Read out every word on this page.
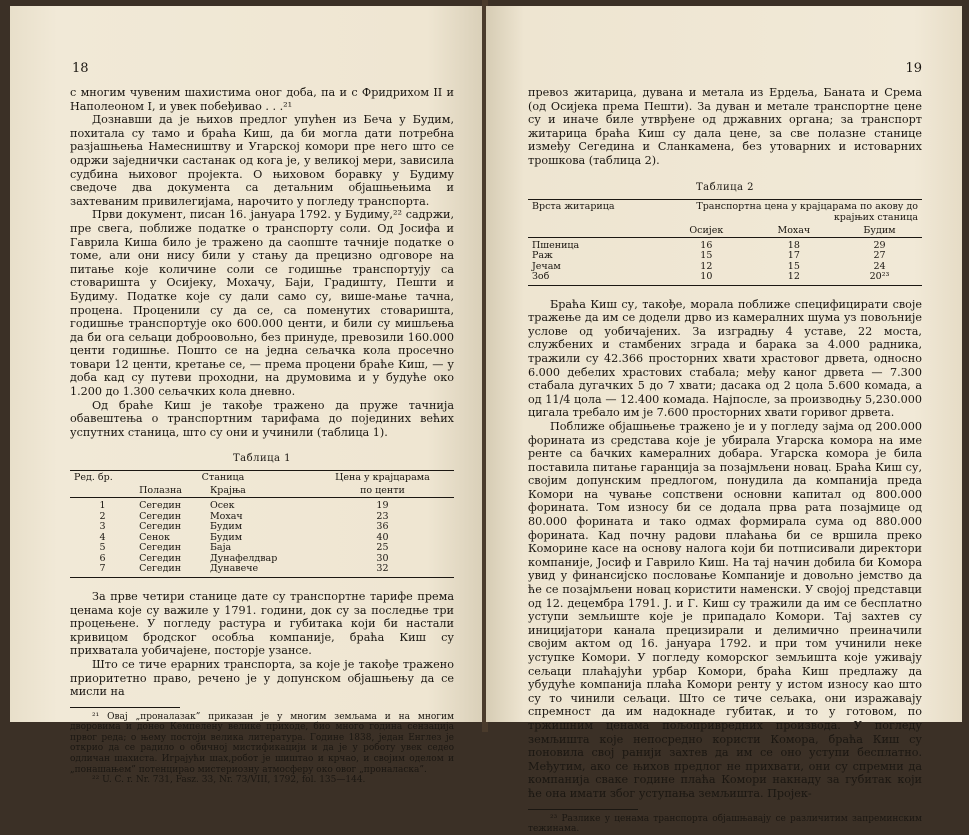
18

с многим чувеним шахистима оног доба, па и с Фридрихом II и Наполеоном I, и увек побеђивао . . .²¹

Дознавши да је њихов предлог упућен из Беча у Будим, похитала су тамо и браћа Киш, да би могла дати потребна разјашњења Намесништву и Угарској комори пре него што се одржи заједнички састанак од кога је, у великој мери, зависила судбина њиховог пројекта. О њиховом боравку у Будиму сведоче два документа са детаљним објашњењима и захтеваним привилегијама, нарочито у погледу транспорта.

Први документ, писан 16. јануара 1792. у Будиму,²² садржи, пре свега, поближе податке о транспорту соли. Од Јосифа и Гаврила Киша било је тражено да саопште тачније податке о томе, али они нису били у стању да прецизно одговоре на питање које количине соли се годишње транспортују са стоваришта у Осијеку, Мохачу, Бaји, Градишту, Пешти и Будиму. Податке које су дали само су, више-мање тачна, процена. Проценили су да се, са поменутих стоваришта, годишње транспортује око 600.000 центи, и били су мишљења да би ога сељаци доброовољно, без принуде, превозили 160.000 центи годишње. Пошто се на једна сељачка кола просечно товари 12 центи, кретање се, — према процени браће Киш, — у доба кад су путеви проходни, на друмовима и у будуће око 1.200 до 1.300 сељачких кола дневно.

Од браће Киш је такође тражено да пруже тачнија обавештења о транспортним тарифама до појединих већих успутних станица, што су они и учинили (таблица 1).

Таблица 1
Ред. бр.	Станица		Цена у крајцарама
	Полазна	Крајња	по центи
1	Сегедин	Осек	19
2	Сегедин	Мохач	23
3	Сегедин	Будим	36
4	Сенок	Будим	40
5	Сегедин	Баја	25
6	Сегедин	Дунафелдвар	30
7	Сегедин	Дунавече	32

За прве четири станице дате су транспортне тарифе према ценама које су важиле у 1791. години, док су за последње три процењене. У погледу растура и губитака који би настали кривицом бродског особља компаније, браћа Киш су прихватала уобичајене, посторје узансе.

Што се тиче ерарних транспорта, за које је такође тражено приоритетно право, речено је у допунском објашњењу да се мисли на

²¹ Овај „проналазак” приказан је у многим земљама и на многим дворовима и донео Кемпелену велике приходе, био много година сензација првог реда; о њему постоји велика литература. Године 1838, један Енглез је открио да се радило о обичној мистификацији и да је у роботу увек седео одличан шахиста. Играјући шах,робот је шиштао и крчао, и својим оделом и „понашањем” потенцирао мистериозну атмосферу око овог „проналаска”.

²² U. C. r. Nr. 731, Fasz. 33, Nr. 73/VIII, 1792, fol. 135—144.

19

превоз житарица, дувана и метала из Ердеља, Баната и Срема (од Осијека према Пешти). За дуван и метале транспортне цене су и иначе биле утврђене од државних органа; за транспорт житарица браћа Киш су дала цене, за све полазне станице између Сегедина и Сланкамена, без утоварних и истоварних трошкова (таблица 2).

Таблица 2
Врста житарица	Транспортна цена у крајцарама по акову до крајњих станица		
	Осијек	Мохач	Будим
Пшеница	16	18	29
Раж	15	17	27
Јечам	12	15	24
Зоб	10	12	20²³

Браћа Киш су, такође, морала поближе специфицирати своје тражење да им се додели дрво из камералних шума уз повољније услове од уобичајених. За изградњу 4 уставе, 22 моста, службених и стамбених зграда и барака за 4.000 радника, тражили су 42.366 просторних хвати храстовог дрвета, односно 6.000 дебелих храстових стабала; међу каног дрвета — 7.300 стабала дугачких 5 до 7 хвати; дасака од 2 цола 5.600 комада, а од 11/4 цола — 12.400 комада. Најпосле, за производњу 5,230.000 цигала требало им је 7.600 просторних хвати горивог дрвета.

Поближе објашњење тражено је и у погледу зајма од 200.000 форината из средстава које је убирала Угарска комора на име ренте са бачких камералних добара. Угарска комора је била поставила питање гаранција за позајмљени новац. Браћа Киш су, својим допунским предлогом, понудила да компанија преда Комори на чување сопствени основни капитал од 800.000 форината. Том износу би се додала прва рата позајмице од 80.000 форината и тако одмах формирала сума од 880.000 форината. Кад почну радови плаћања би се вршила преко Коморине касе на основу налога који би потписивали директори компаније, Јосиф и Гаврило Киш. На тај начин добила би Комора увид у финансијско пословање Компаније и довољно јемство да ће се позајмљени новац користити наменски. У својој представци од 12. децембра 1791. Ј. и Г. Киш су тражили да им се бесплатно уступи земљиште које је припадало Комори. Тај захтев су иницијатори канала прецизирали и делимично преиначили својим актом од 16. јануара 1792. и при том учинили неке уступке Комори. У погледу коморског земљишта које уживају сељаци плаћајући урбар Комори, браћа Киш предлажу да убудуће компанија плаћа Комори ренту у истом износу као што су то чинили сељаци. Што се тиче сељака, они изражавају спремност да им надокнаде губитак, и то у готовом, по тржишним ценама пољопривредних производа. У погледу земљишта које непосредно користи Комора, браћа Киш су поновила свој ранији захтев да им се оно уступи бесплатно. Међутим, ако се њихов предлог не прихвати, они су спремни да компанија сваке године плаћа Комори накнаду за губитак који ће она имати због уступања земљишта. Пројек-

²³ Разлике у ценама транспорта објашњавају се различитим запреминским тежинама.
